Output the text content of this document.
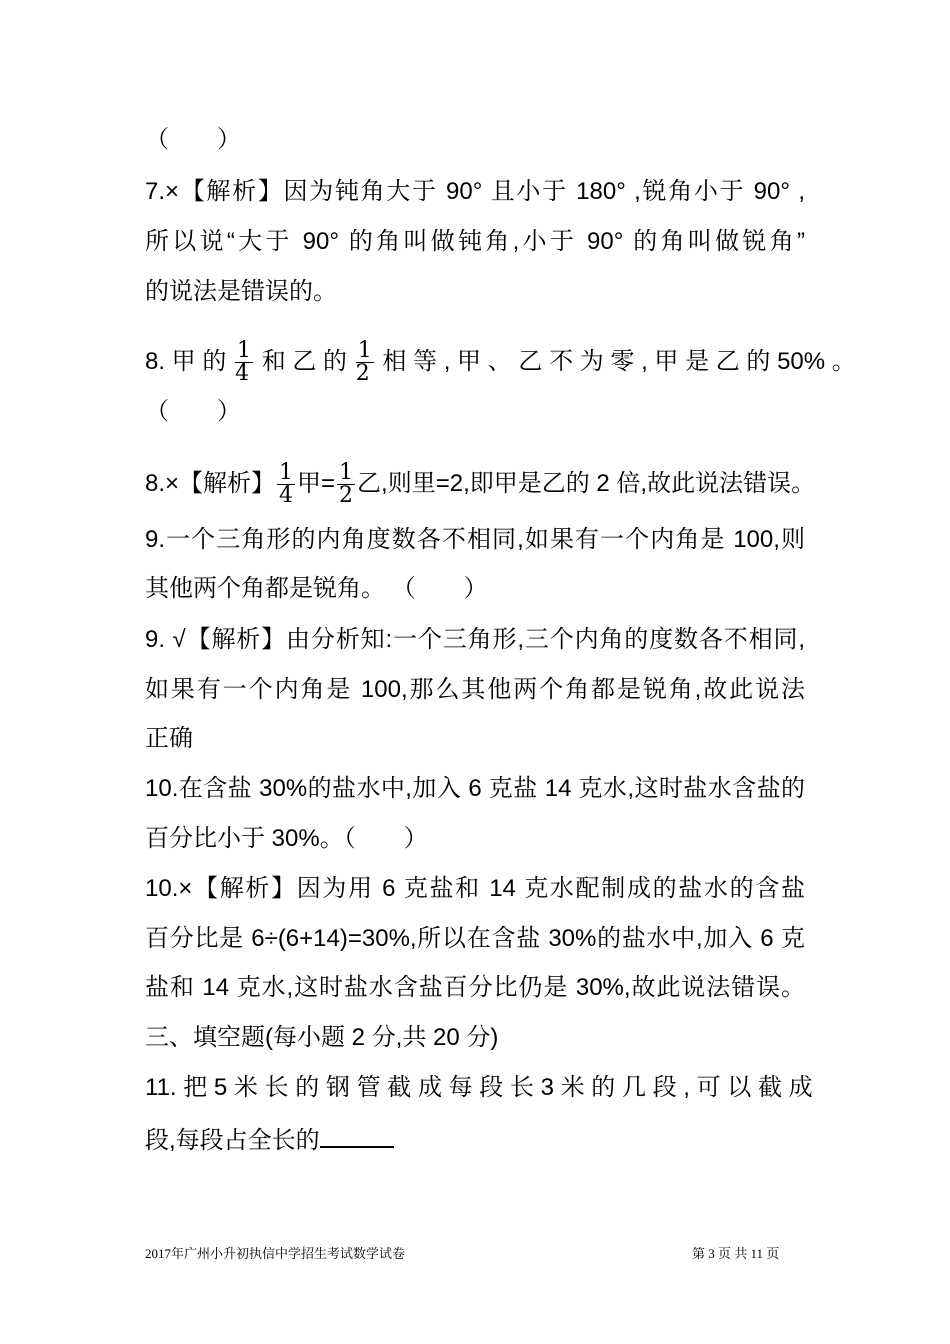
（　　）
7.×【解析】因为钝角大于 90° 且小于 180° ,锐角小于 90° ,
所以说“大于 90° 的角叫做钝角,小于 90° 的角叫做锐角”
的说法是错误的。
8. 甲 的 $\frac{1}{4}$ 和 乙 的 $\frac{1}{2}$ 相 等 , 甲 、 乙 不 为 零 , 甲 是 乙 的 50% 。
（　　）
8.×【解析】 $\frac{1}{4}$ 甲= $\frac{1}{2}$ 乙,则里=2,即甲是乙的 2 倍,故此说法错误。
9.一个三角形的内角度数各不相同,如果有一个内角是 100,则
其他两个角都是锐角。 （　　）
9. √【解析】由分析知:一个三角形,三个内角的度数各不相同,
如果有一个内角是 100,那么其他两个角都是锐角,故此说法
正确
10.在含盐 30%的盐水中,加入 6 克盐 14 克水,这时盐水含盐的
百分比小于 30%。（　　）
10.×【解析】因为用 6 克盐和 14 克水配制成的盐水的含盐
百分比是 6÷(6+14)=30%,所以在含盐 30%的盐水中,加入 6 克
盐和 14 克水,这时盐水含盐百分比仍是 30%,故此说法错误。
三、填空题(每小题 2 分,共 20 分)
11. 把 5 米 长 的 钢 管 截 成 每 段 长 3 米 的 几 段 , 可 以 截 成
段,每段占全长的
2017年广州小升初执信中学招生考试数学试卷	第 3 页 共 11 页
